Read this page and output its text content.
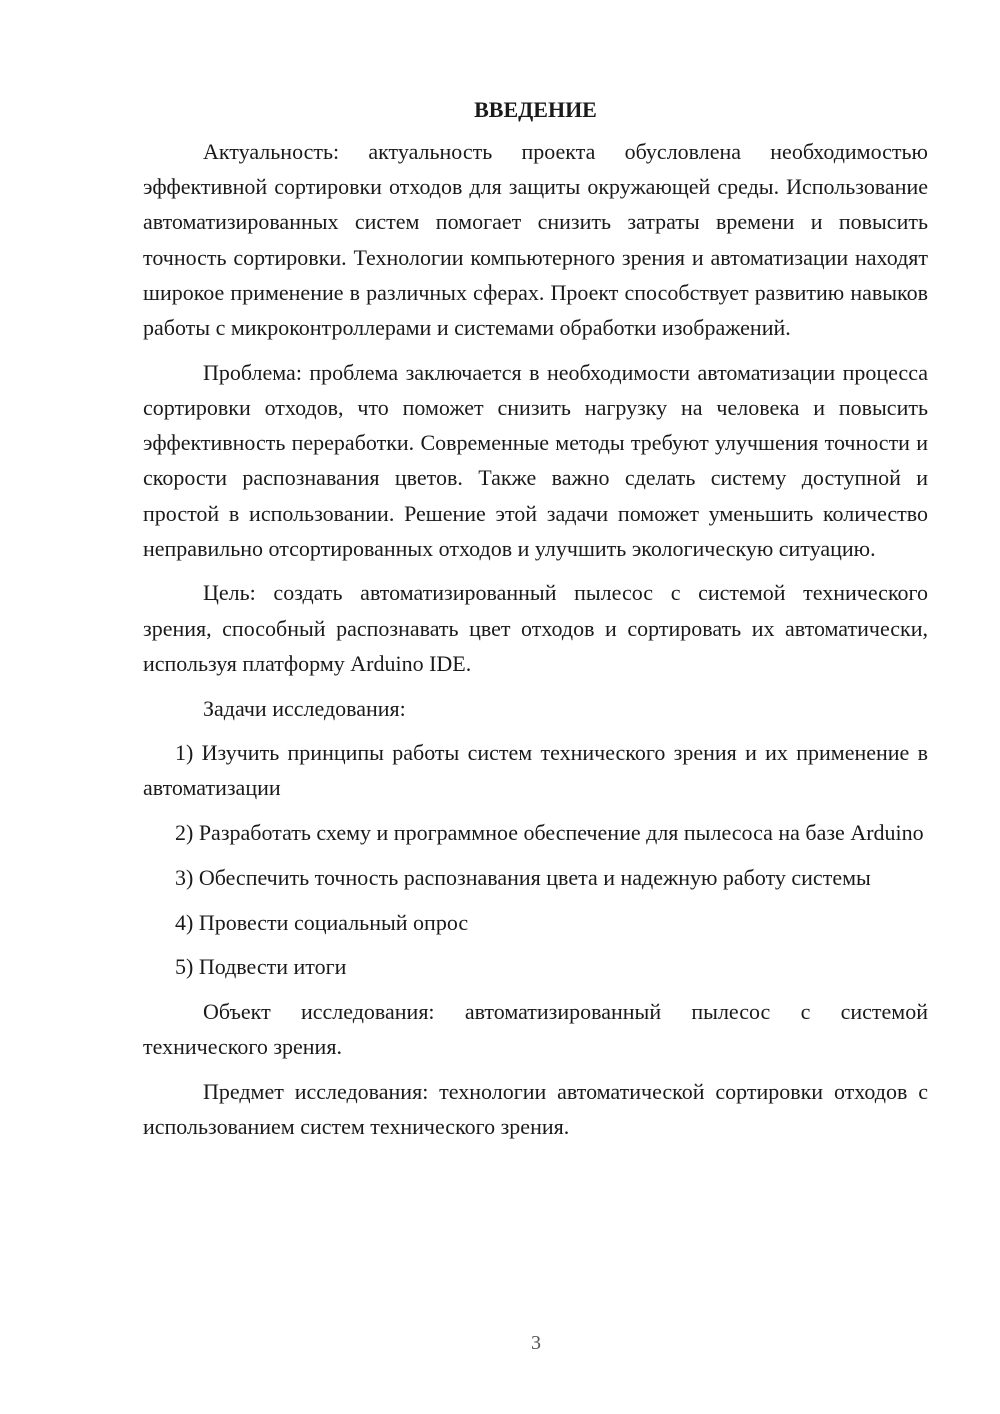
ВВЕДЕНИЕ

Актуальность: актуальность проекта обусловлена необходимостью эффективной сортировки отходов для защиты окружающей среды. Использование автоматизированных систем помогает снизить затраты времени и повысить точность сортировки. Технологии компьютерного зрения и автоматизации находят широкое применение в различных сферах. Проект способствует развитию навыков работы с микроконтроллерами и системами обработки изображений.

Проблема: проблема заключается в необходимости автоматизации процесса сортировки отходов, что поможет снизить нагрузку на человека и повысить эффективность переработки. Современные методы требуют улучшения точности и скорости распознавания цветов. Также важно сделать систему доступной и простой в использовании. Решение этой задачи поможет уменьшить количество неправильно отсортированных отходов и улучшить экологическую ситуацию.

Цель: создать автоматизированный пылесос с системой технического зрения, способный распознавать цвет отходов и сортировать их автоматически, используя платформу Arduino IDE.

Задачи исследования:

1) Изучить принципы работы систем технического зрения и их применение в автоматизации

2) Разработать схему и программное обеспечение для пылесоса на базе Arduino

3) Обеспечить точность распознавания цвета и надежную работу системы

4) Провести социальный опрос

5) Подвести итоги

Объект исследования: автоматизированный пылесос с системой технического зрения.

Предмет исследования: технологии автоматической сортировки отходов с использованием систем технического зрения.

3
